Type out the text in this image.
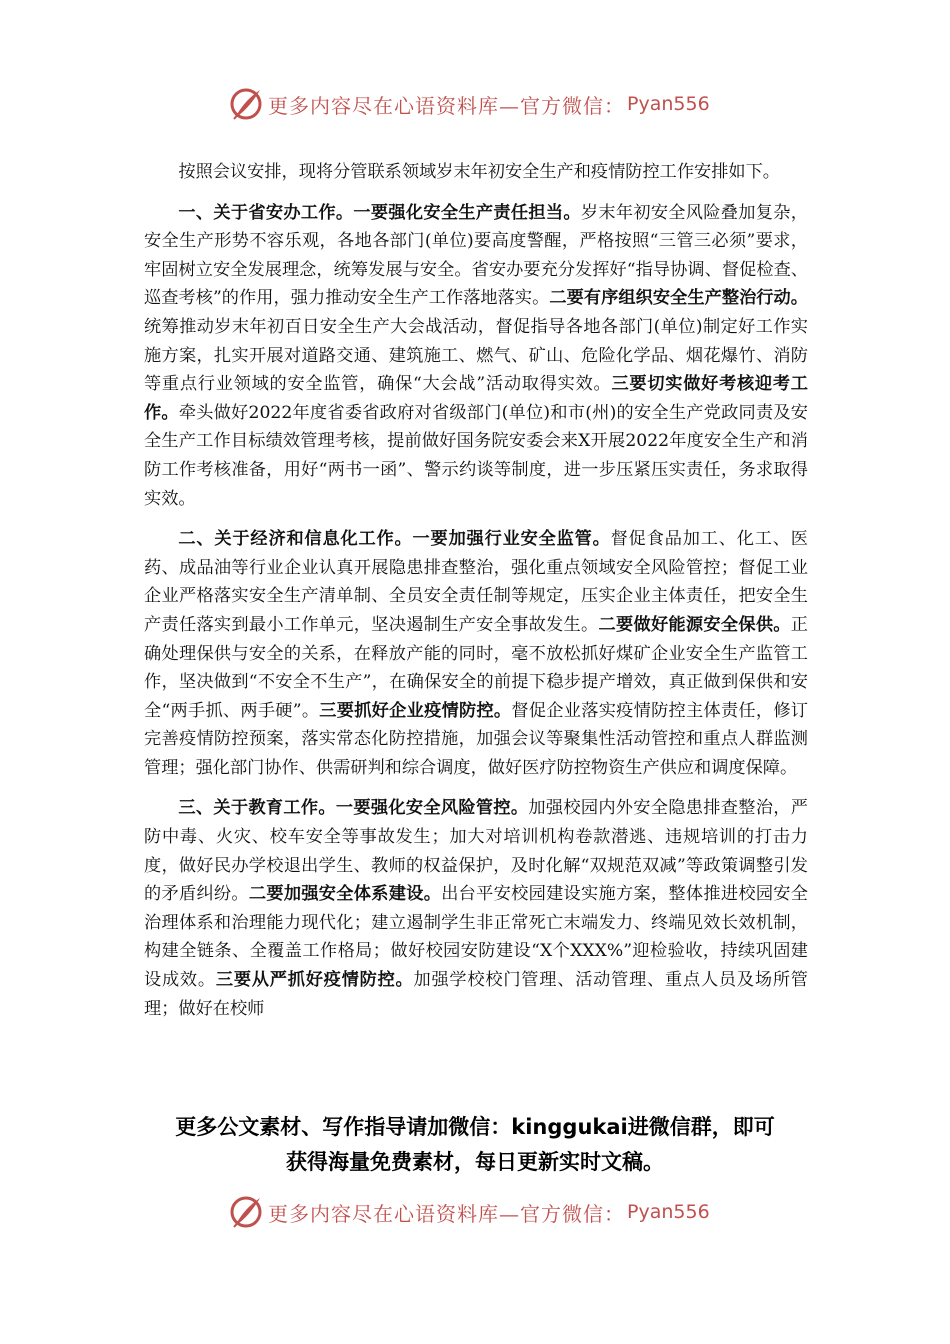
更多内容尽在心语资料库—官方微信： Pyan556

按照会议安排，现将分管联系领域岁末年初安全生产和疫情防控工作安排如下。

一、关于省安办工作。一要强化安全生产责任担当。岁末年初安全风险叠加复杂，安全生产形势不容乐观，各地各部门(单位)要高度警醒，严格按照“三管三必须”要求，牢固树立安全发展理念，统筹发展与安全。省安办要充分发挥好“指导协调、督促检查、巡查考核”的作用，强力推动安全生产工作落地落实。二要有序组织安全生产整治行动。统筹推动岁末年初百日安全生产大会战活动，督促指导各地各部门(单位)制定好工作实施方案，扎实开展对道路交通、建筑施工、燃气、矿山、危险化学品、烟花爆竹、消防等重点行业领域的安全监管，确保“大会战”活动取得实效。三要切实做好考核迎考工作。牵头做好2022年度省委省政府对省级部门(单位)和市(州)的安全生产党政同责及安全生产工作目标绩效管理考核，提前做好国务院安委会来X开展2022年度安全生产和消防工作考核准备，用好“两书一函”、警示约谈等制度，进一步压紧压实责任，务求取得实效。

二、关于经济和信息化工作。一要加强行业安全监管。督促食品加工、化工、医药、成品油等行业企业认真开展隐患排查整治，强化重点领域安全风险管控；督促工业企业严格落实安全生产清单制、全员安全责任制等规定，压实企业主体责任，把安全生产责任落实到最小工作单元，坚决遏制生产安全事故发生。二要做好能源安全保供。正确处理保供与安全的关系，在释放产能的同时，毫不放松抓好煤矿企业安全生产监管工作，坚决做到“不安全不生产”，在确保安全的前提下稳步提产增效，真正做到保供和安全“两手抓、两手硬”。三要抓好企业疫情防控。督促企业落实疫情防控主体责任，修订完善疫情防控预案，落实常态化防控措施，加强会议等聚集性活动管控和重点人群监测管理；强化部门协作、供需研判和综合调度，做好医疗防控物资生产供应和调度保障。

三、关于教育工作。一要强化安全风险管控。加强校园内外安全隐患排查整治，严防中毒、火灾、校车安全等事故发生；加大对培训机构卷款潜逃、违规培训的打击力度，做好民办学校退出学生、教师的权益保护，及时化解“双规范双减”等政策调整引发的矛盾纠纷。二要加强安全体系建设。出台平安校园建设实施方案，整体推进校园安全治理体系和治理能力现代化；建立遏制学生非正常死亡末端发力、终端见效长效机制，构建全链条、全覆盖工作格局；做好校园安防建设“X个XXX%”迎检验收，持续巩固建设成效。三要从严抓好疫情防控。加强学校校门管理、活动管理、重点人员及场所管理；做好在校师

更多公文素材、写作指导请加微信：kinggukai进微信群，即可
获得海量免费素材，每日更新实时文稿。
更多内容尽在心语资料库—官方微信： Pyan556
